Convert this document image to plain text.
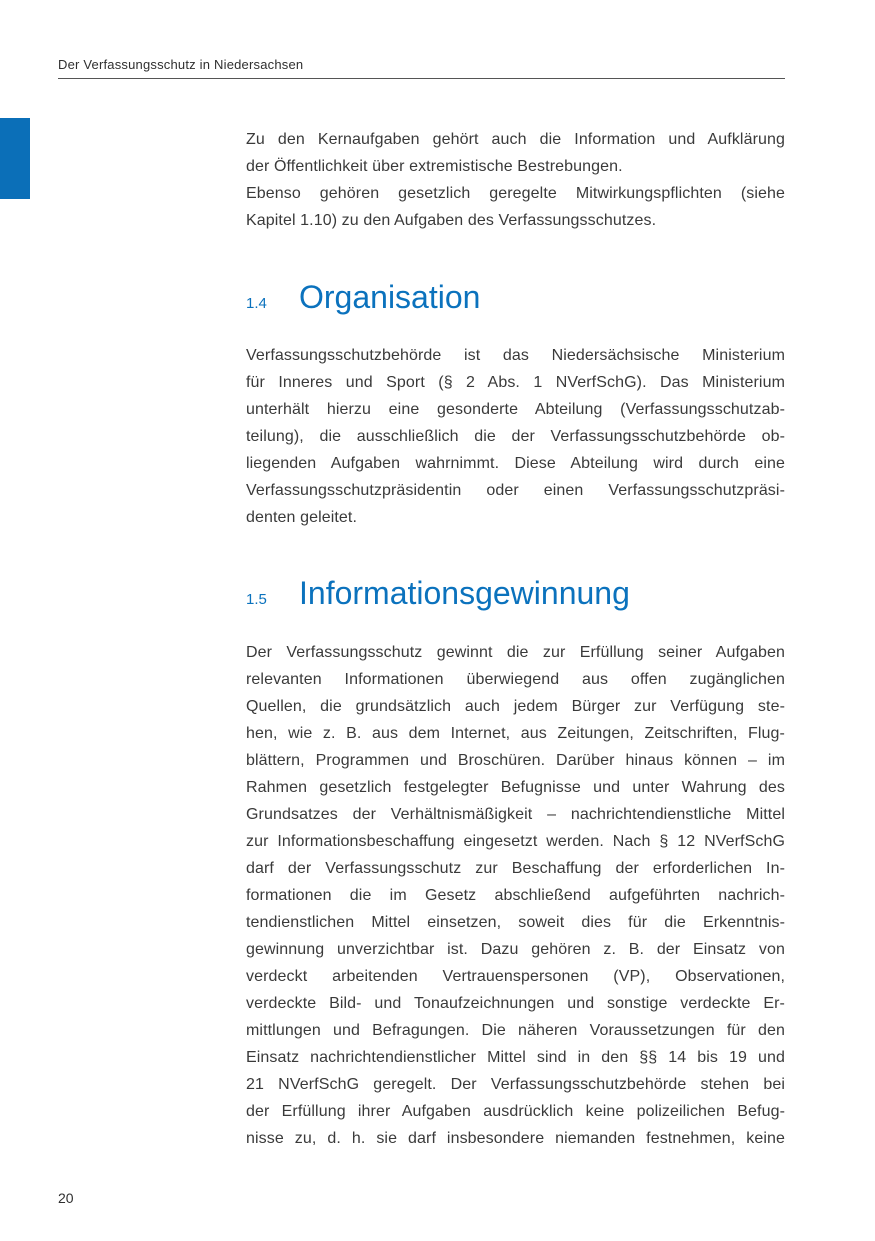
Der Verfassungsschutz in Niedersachsen

Zu den Kernaufgaben gehört auch die Information und Aufklärung
der Öffentlichkeit über extremistische Bestrebungen.
Ebenso gehören gesetzlich geregelte Mitwirkungspflichten (siehe
Kapitel 1.10) zu den Aufgaben des Verfassungsschutzes.

1.4	Organisation

Verfassungsschutzbehörde ist das Niedersächsische Ministerium
für Inneres und Sport (§ 2 Abs. 1 NVerfSchG). Das Ministerium
unterhält hierzu eine gesonderte Abteilung (Verfassungsschutzab-
teilung), die ausschließlich die der Verfassungsschutzbehörde ob-
liegenden Aufgaben wahrnimmt. Diese Abteilung wird durch eine
Verfassungsschutzpräsidentin oder einen Verfassungsschutzpräsi-
denten geleitet.

1.5	Informationsgewinnung

Der Verfassungsschutz gewinnt die zur Erfüllung seiner Aufgaben
relevanten Informationen überwiegend aus offen zugänglichen
Quellen, die grundsätzlich auch jedem Bürger zur Verfügung ste-
hen, wie z. B. aus dem Internet, aus Zeitungen, Zeitschriften, Flug-
blättern, Programmen und Broschüren. Darüber hinaus können – im
Rahmen gesetzlich festgelegter Befugnisse und unter Wahrung des
Grundsatzes der Verhältnismäßigkeit – nachrichtendienstliche Mittel
zur Informationsbeschaffung eingesetzt werden. Nach § 12 NVerfSchG
darf der Verfassungsschutz zur Beschaffung der erforderlichen In-
formationen die im Gesetz abschließend aufgeführten nachrich-
tendienstlichen Mittel einsetzen, soweit dies für die Erkenntnis-
gewinnung unverzichtbar ist. Dazu gehören z. B. der Einsatz von
verdeckt arbeitenden Vertrauenspersonen (VP), Observationen,
verdeckte Bild- und Tonaufzeichnungen und sonstige verdeckte Er-
mittlungen und Befragungen. Die näheren Voraussetzungen für den
Einsatz nachrichtendienstlicher Mittel sind in den §§ 14 bis 19 und
21 NVerfSchG geregelt. Der Verfassungsschutzbehörde stehen bei
der Erfüllung ihrer Aufgaben ausdrücklich keine polizeilichen Befug-
nisse zu, d. h. sie darf insbesondere niemanden festnehmen, keine

20
